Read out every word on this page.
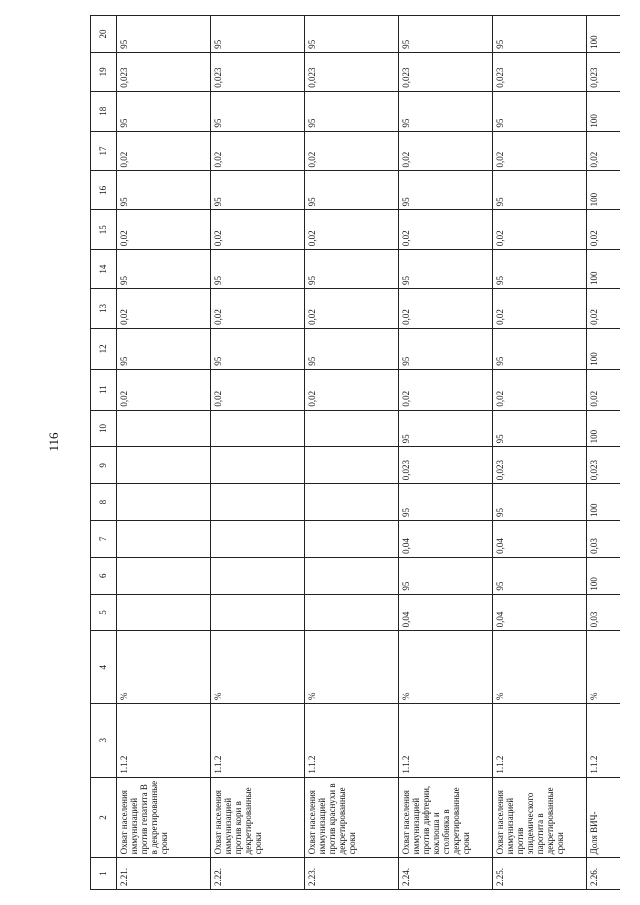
116
1	2	3	4	5	6	7	8	9	10	11	12	13	14	15	16	17	18	19	20
2.21.	Охват населения иммунизацией против гепатита В в декретированные сроки	1.1.2	%							0,02	95	0,02	95	0,02	95	0,02	95	0,023	95
2.22.	Охват населения иммунизацией против кори в декретированные сроки	1.1.2	%							0,02	95	0,02	95	0,02	95	0,02	95	0,023	95
2.23.	Охват населения иммунизацией против краснухи в декретированные сроки	1.1.2	%							0,02	95	0,02	95	0,02	95	0,02	95	0,023	95
2.24.	Охват населения иммунизацией против дифтерии, коклюша и столбняка в декретированные сроки	1.1.2	%	0,04	95	0,04	95	0,023	95	0,02	95	0,02	95	0,02	95	0,02	95	0,023	95
2.25.	Охват населения иммунизацией против эпидемического паротита в декретированные сроки	1.1.2	%	0,04	95	0,04	95	0,023	95	0,02	95	0,02	95	0,02	95	0,02	95	0,023	95
2.26.	Доля ВИЧ-	1.1.2	%	0,03	100	0,03	100	0,023	100	0,02	100	0,02	100	0,02	100	0,02	100	0,023	100
